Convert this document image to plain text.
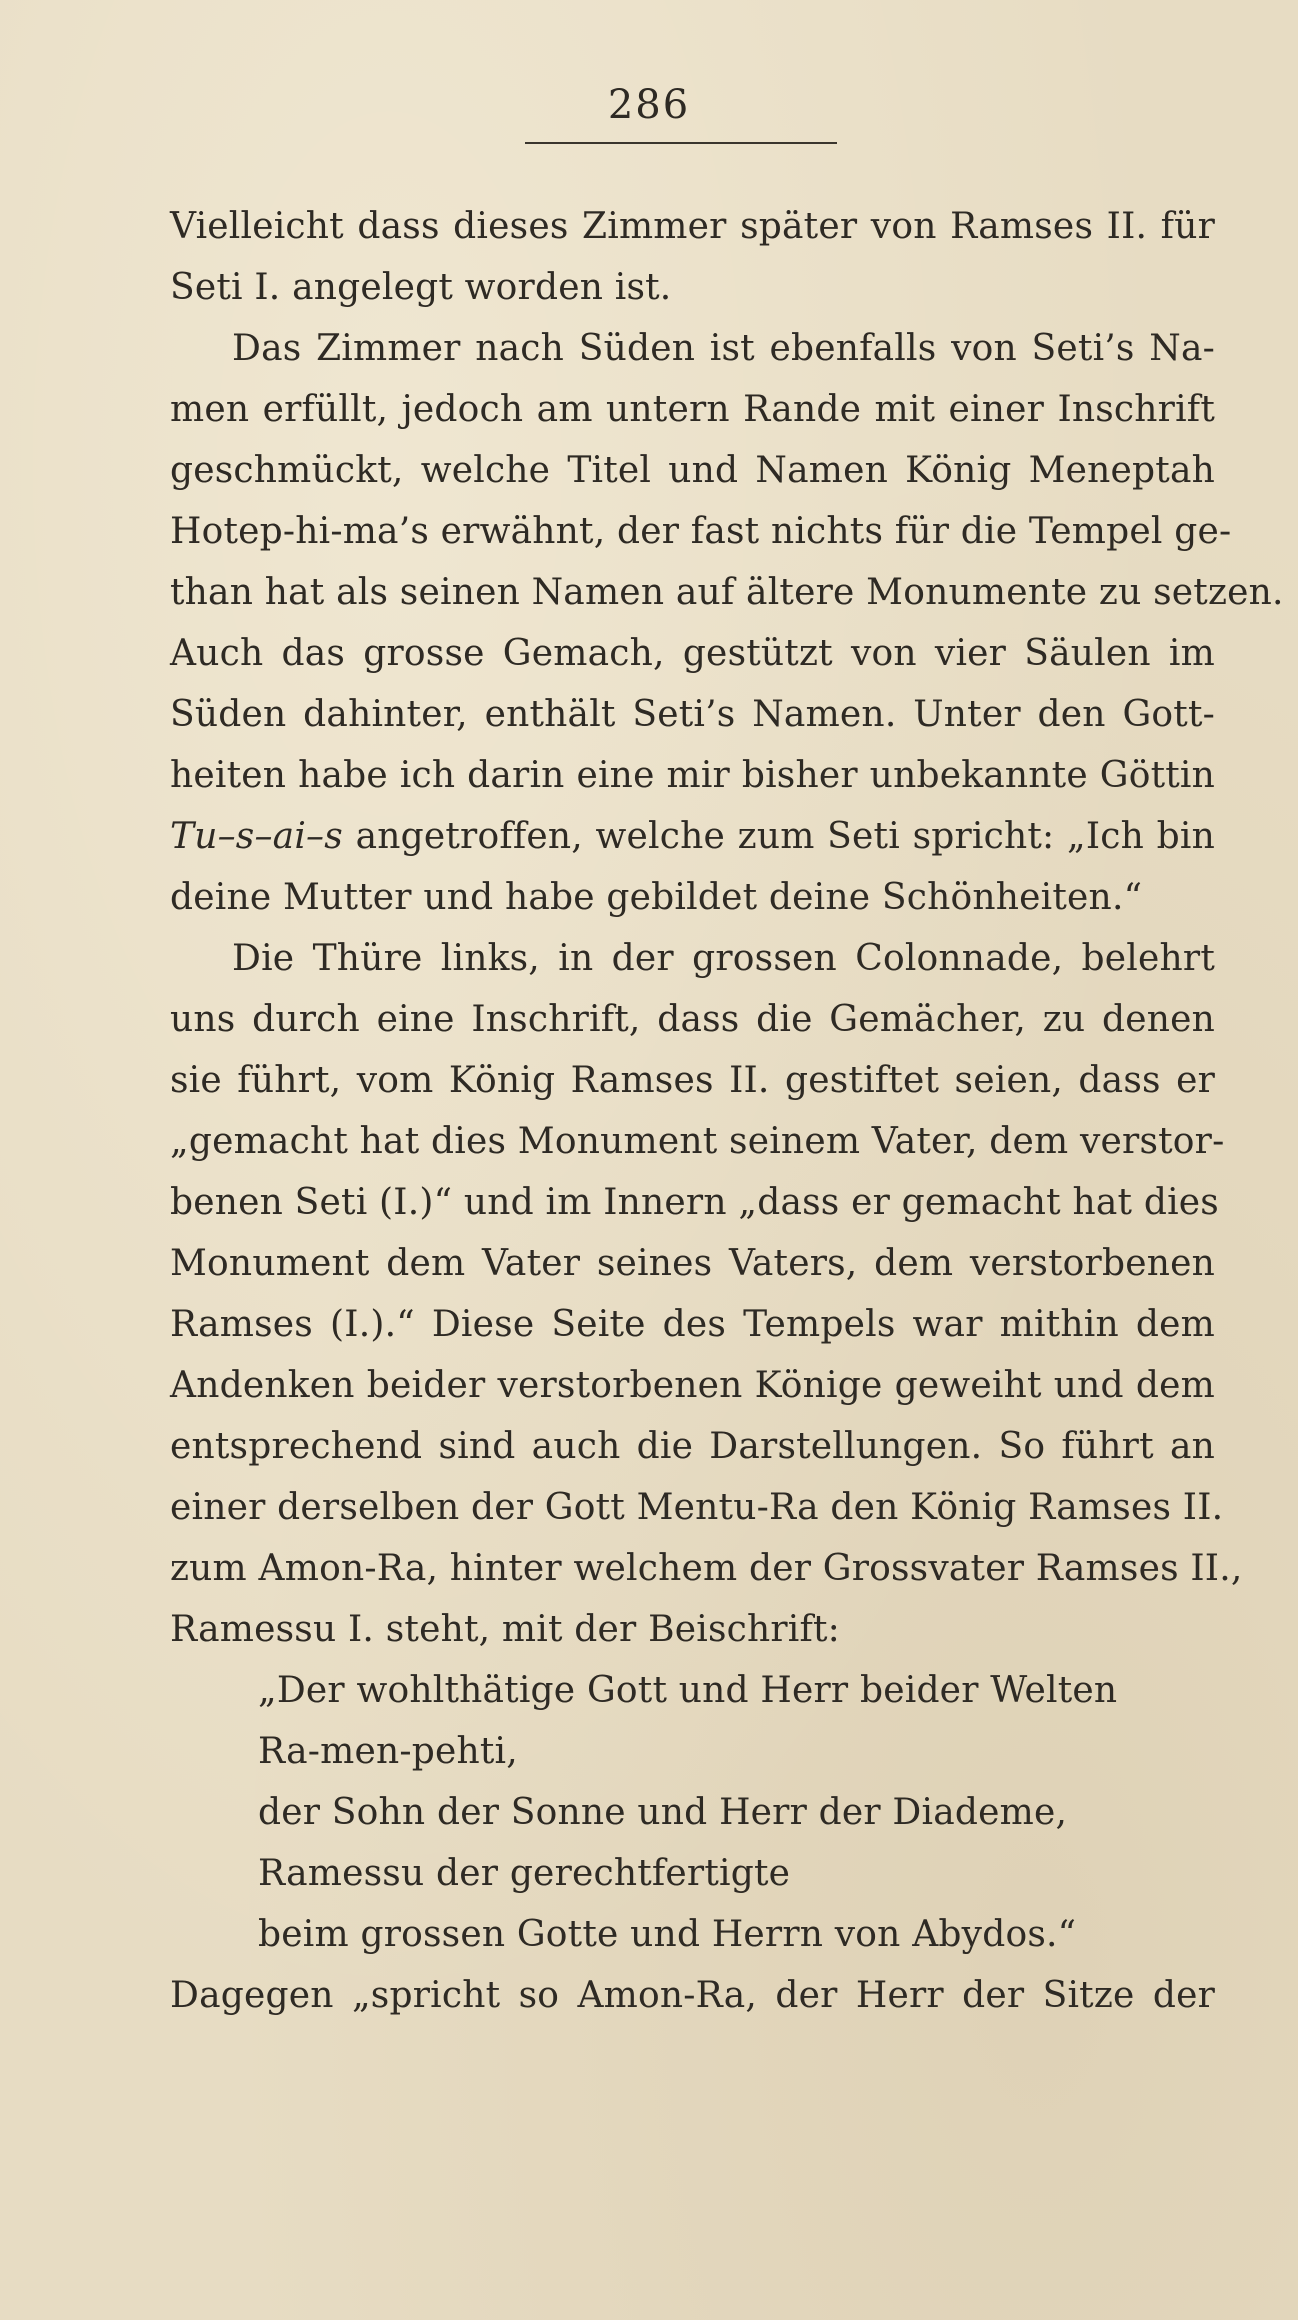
286
Vielleicht dass dieses Zimmer später von Ramses II. für
Seti I. angelegt worden ist.
Das Zimmer nach Süden ist ebenfalls von Seti’s Na-
men erfüllt, jedoch am untern Rande mit einer Inschrift
geschmückt, welche Titel und Namen König Meneptah
Hotep-hi-ma’s erwähnt, der fast nichts für die Tempel ge-
than hat als seinen Namen auf ältere Monumente zu setzen.
Auch das grosse Gemach, gestützt von vier Säulen im
Süden dahinter, enthält Seti’s Namen. Unter den Gott-
heiten habe ich darin eine mir bisher unbekannte Göttin
Tu–s–ai–s angetroffen, welche zum Seti spricht: „Ich bin
deine Mutter und habe gebildet deine Schönheiten.“
Die Thüre links, in der grossen Colonnade, belehrt
uns durch eine Inschrift, dass die Gemächer, zu denen
sie führt, vom König Ramses II. gestiftet seien, dass er
„gemacht hat dies Monument seinem Vater, dem verstor-
benen Seti (I.)“ und im Innern „dass er gemacht hat dies
Monument dem Vater seines Vaters, dem verstorbenen
Ramses (I.).“ Diese Seite des Tempels war mithin dem
Andenken beider verstorbenen Könige geweiht und dem
entsprechend sind auch die Darstellungen. So führt an
einer derselben der Gott Mentu-Ra den König Ramses II.
zum Amon-Ra, hinter welchem der Grossvater Ramses II.,
Ramessu I. steht, mit der Beischrift:
„Der wohlthätige Gott und Herr beider Welten
Ra-men-pehti,
der Sohn der Sonne und Herr der Diademe,
Ramessu der gerechtfertigte
beim grossen Gotte und Herrn von Abydos.“
Dagegen „spricht so Amon-Ra, der Herr der Sitze der
